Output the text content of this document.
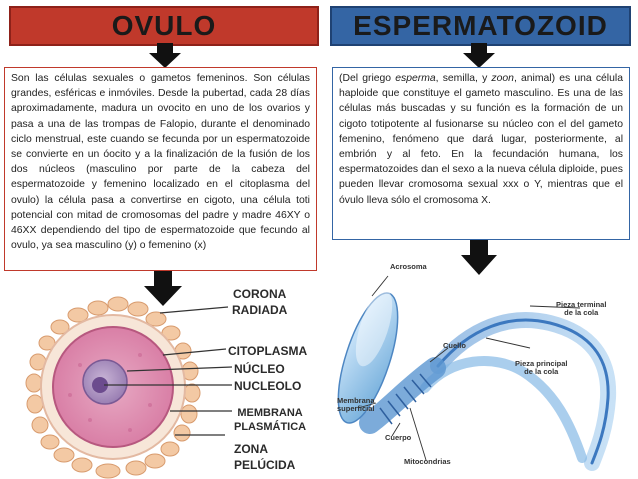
OVULO	ESPERMATOZOID
Son las células sexuales o gametos femeninos. Son células grandes, esféricas e inmóviles. Desde la pubertad, cada 28 días aproximadamente, madura un ovocito en uno de los ovarios y pasa a una de las trompas de Falopio, durante el denominado ciclo menstrual, este cuando se fecunda por un espermatozoide se convierte en un óocito y a la finalización de la fusión de los dos núcleos (masculino por parte de la cabeza del espermatozoide y femenino localizado en el citoplasma del ovulo) la célula pasa a convertirse en cigoto, una célula toti potencial con mitad de cromosomas del padre y madre 46XY o 46XX dependiendo del tipo de espermatozoide que fecundo al ovulo, ya sea masculino (y) o femenino (x)
(Del griego esperma, semilla, y zoon, animal) es una célula haploide que constituye el gameto masculino. Es una de las células más buscadas y su función es la formación de un cigoto totipotente al fusionarse su núcleo con el del gameto femenino, fenómeno que dará lugar, posteriormente, al embrión y al feto. En la fecundación humana, los espermatozoides dan el sexo a la nueva célula diploide, pues pueden llevar cromosoma sexual xxx o Y, mientras que el óvulo lleva sólo el cromosoma X.
CORONA
RADIADA
CITOPLASMA
NÚCLEO
NUCLEOLO
MEMBRANA
PLASMÁTICA
ZONA
PELÚCIDA
Acrosoma
Pieza terminal
de la cola
Cuello
Pieza principal
de la cola
Membrana
superficial
Cuerpo
Mitocondrias
